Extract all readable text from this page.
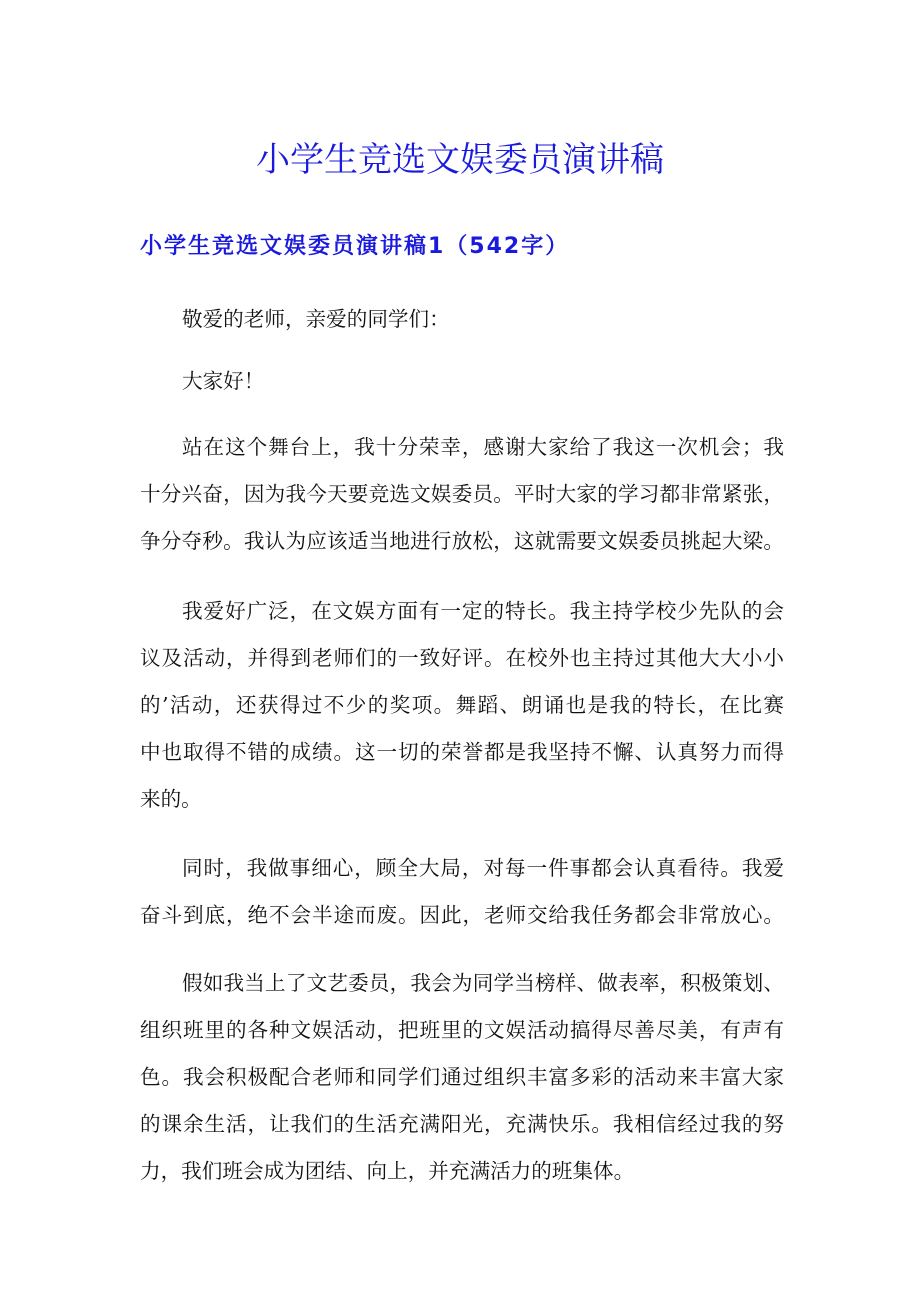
小学生竞选文娱委员演讲稿
小学生竞选文娱委员演讲稿1（542字）
敬爱的老师，亲爱的同学们：
大家好！
站在这个舞台上，我十分荣幸，感谢大家给了我这一次机会；我
十分兴奋，因为我今天要竞选文娱委员。平时大家的学习都非常紧张，
争分夺秒。我认为应该适当地进行放松，这就需要文娱委员挑起大梁。
我爱好广泛，在文娱方面有一定的特长。我主持学校少先队的会
议及活动，并得到老师们的一致好评。在校外也主持过其他大大小小
的’活动，还获得过不少的奖项。舞蹈、朗诵也是我的特长，在比赛
中也取得不错的成绩。这一切的荣誉都是我坚持不懈、认真努力而得
来的。
同时，我做事细心，顾全大局，对每一件事都会认真看待。我爱
奋斗到底，绝不会半途而废。因此，老师交给我任务都会非常放心。
假如我当上了文艺委员，我会为同学当榜样、做表率，积极策划、
组织班里的各种文娱活动，把班里的文娱活动搞得尽善尽美，有声有
色。我会积极配合老师和同学们通过组织丰富多彩的活动来丰富大家
的课余生活，让我们的生活充满阳光，充满快乐。我相信经过我的努
力，我们班会成为团结、向上，并充满活力的班集体。
